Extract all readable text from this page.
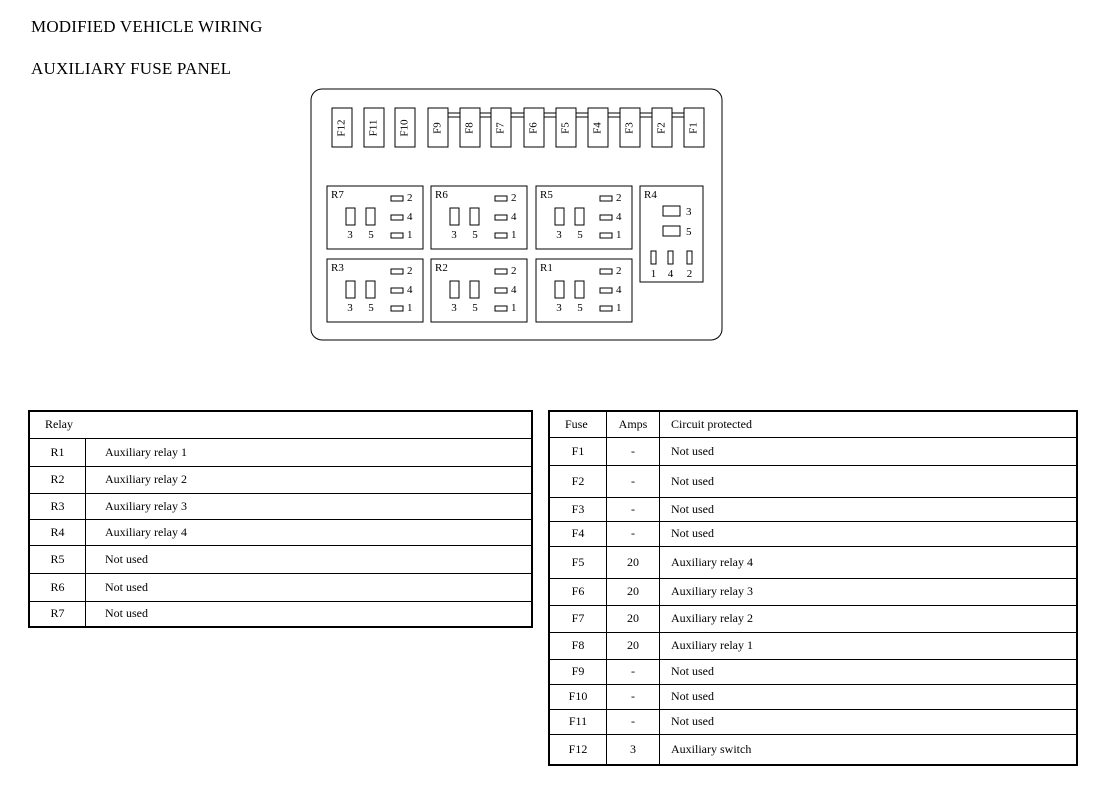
MODIFIED VEHICLE WIRING
AUXILIARY FUSE PANEL
F12 F11 F10 F9 F8 F7 F6 F5 F4 F3 F2 F1
R7
3 5
2
4
1
R6
3 5
2
4
1
R5
3 5
2
4
1
R3
3 5
2
4
1
R2
3 5
2
4
1
R1
3 5
2
4
1
R4
3
5
1 4 2
Relay	
R1	Auxiliary relay 1
R2	Auxiliary relay 2
R3	Auxiliary relay 3
R4	Auxiliary relay 4
R5	Not used
R6	Not used
R7	Not used
Fuse	Amps	Circuit protected
F1	-	Not used
F2	-	Not used
F3	-	Not used
F4	-	Not used
F5	20	Auxiliary relay 4
F6	20	Auxiliary relay 3
F7	20	Auxiliary relay 2
F8	20	Auxiliary relay 1
F9	-	Not used
F10	-	Not used
F11	-	Not used
F12	3	Auxiliary switch
